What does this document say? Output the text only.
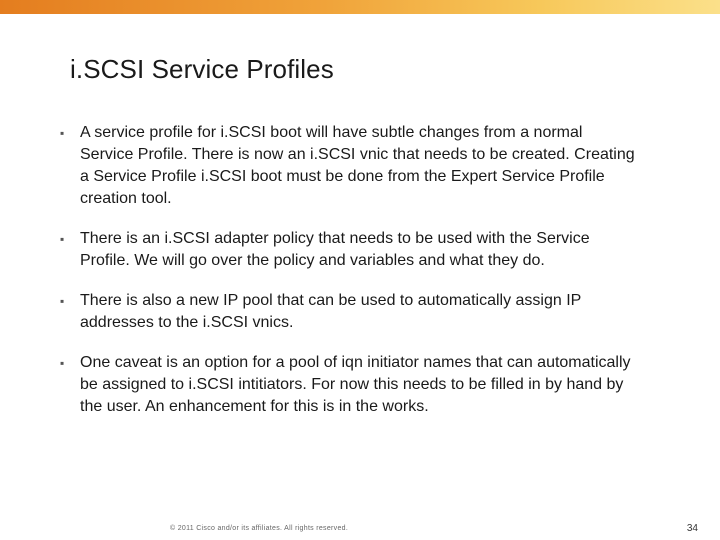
i.SCSI Service Profiles
▪ A service profile for i.SCSI boot will have subtle changes from a normal Service Profile. There is now an i.SCSI vnic that needs to be created. Creating a Service Profile i.SCSI boot must be done from the Expert Service Profile creation tool.
▪ There is an i.SCSI adapter policy that needs to be used with the Service Profile. We will go over the policy and variables and what they do.
▪ There is also a new IP pool that can be used to automatically assign IP addresses to the i.SCSI vnics.
▪ One caveat is an option for a pool of iqn initiator names that can automatically be assigned to i.SCSI intitiators. For now this needs to be filled in by hand by the user. An enhancement for this is in the works.
© 2011 Cisco and/or its affiliates. All rights reserved.	34
